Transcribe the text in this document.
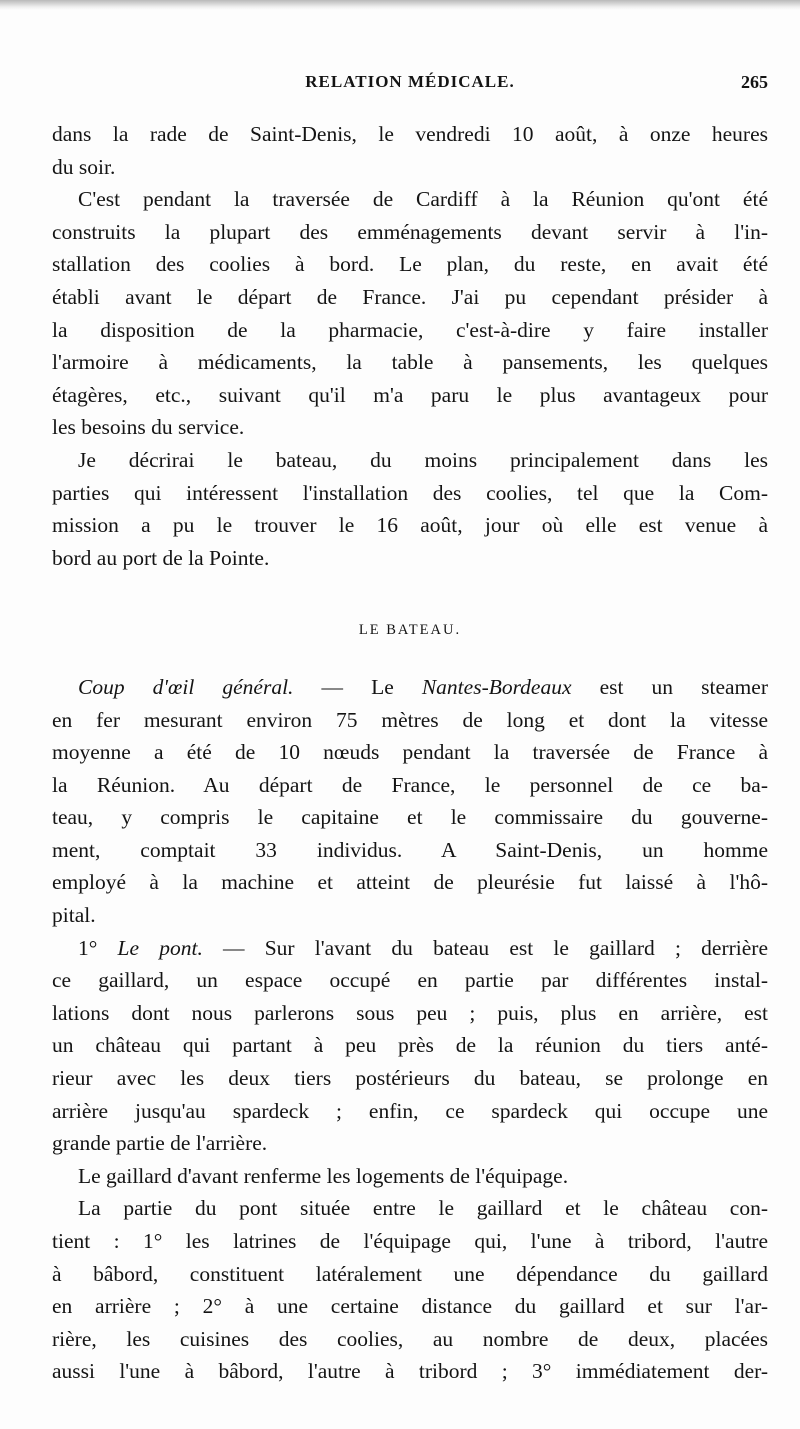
RELATION MÉDICALE.	265
dans la rade de Saint-Denis, le vendredi 10 août, à onze heures
du soir.
C'est pendant la traversée de Cardiff à la Réunion qu'ont été
construits la plupart des emménagements devant servir à l'in-
stallation des coolies à bord. Le plan, du reste, en avait été
établi avant le départ de France. J'ai pu cependant présider à
la disposition de la pharmacie, c'est-à-dire y faire installer
l'armoire à médicaments, la table à pansements, les quelques
étagères, etc., suivant qu'il m'a paru le plus avantageux pour
les besoins du service.
Je décrirai le bateau, du moins principalement dans les
parties qui intéressent l'installation des coolies, tel que la Com-
mission a pu le trouver le 16 août, jour où elle est venue à
bord au port de la Pointe.
LE BATEAU.
Coup d'œil général. — Le Nantes-Bordeaux est un steamer
en fer mesurant environ 75 mètres de long et dont la vitesse
moyenne a été de 10 nœuds pendant la traversée de France à
la Réunion. Au départ de France, le personnel de ce ba-
teau, y compris le capitaine et le commissaire du gouverne-
ment, comptait 33 individus. A Saint-Denis, un homme
employé à la machine et atteint de pleurésie fut laissé à l'hô-
pital.
1° Le pont. — Sur l'avant du bateau est le gaillard ; derrière
ce gaillard, un espace occupé en partie par différentes instal-
lations dont nous parlerons sous peu ; puis, plus en arrière, est
un château qui partant à peu près de la réunion du tiers anté-
rieur avec les deux tiers postérieurs du bateau, se prolonge en
arrière jusqu'au spardeck ; enfin, ce spardeck qui occupe une
grande partie de l'arrière.
Le gaillard d'avant renferme les logements de l'équipage.
La partie du pont située entre le gaillard et le château con-
tient : 1° les latrines de l'équipage qui, l'une à tribord, l'autre
à bâbord, constituent latéralement une dépendance du gaillard
en arrière ; 2° à une certaine distance du gaillard et sur l'ar-
rière, les cuisines des coolies, au nombre de deux, placées
aussi l'une à bâbord, l'autre à tribord ; 3° immédiatement der-
